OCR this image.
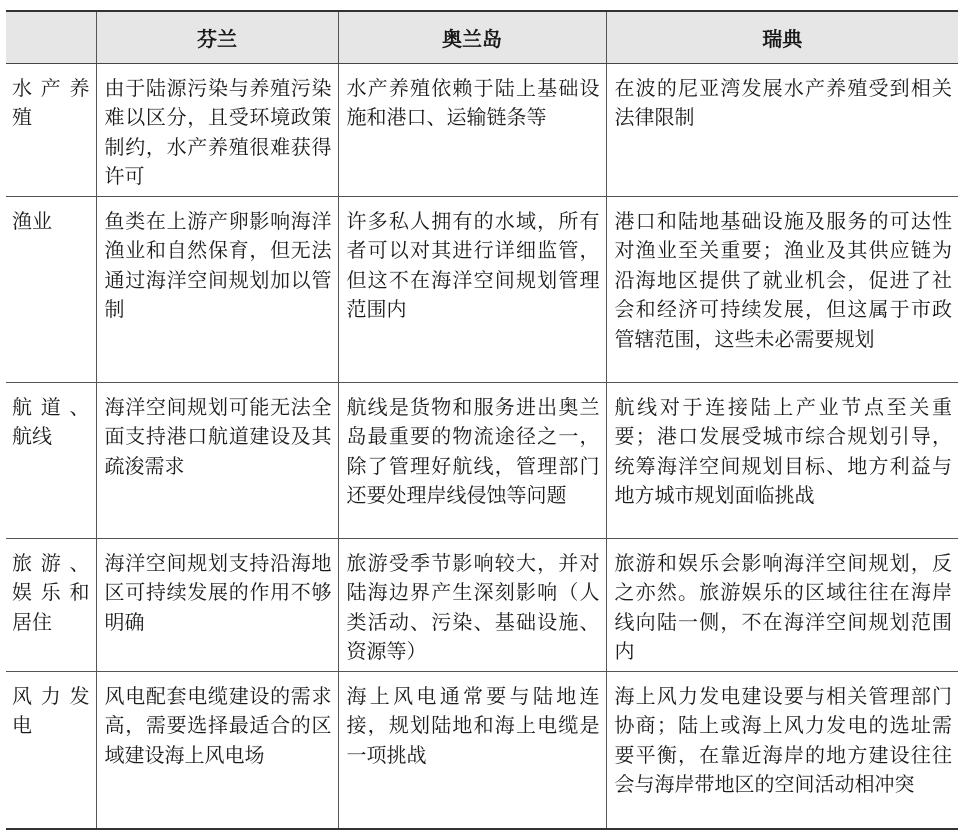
	芬兰	奥兰岛	瑞典
水产养殖	由于陆源污染与养殖污染难以区分，且受环境政策制约，水产养殖很难获得许可	水产养殖依赖于陆上基础设施和港口、运输链条等	在波的尼亚湾发展水产养殖受到相关法律限制
渔业	鱼类在上游产卵影响海洋渔业和自然保育，但无法通过海洋空间规划加以管制	许多私人拥有的水域，所有者可以对其进行详细监管，但这不在海洋空间规划管理范围内	港口和陆地基础设施及服务的可达性对渔业至关重要；渔业及其供应链为沿海地区提供了就业机会，促进了社会和经济可持续发展，但这属于市政管辖范围，这些未必需要规划
航道、航线	海洋空间规划可能无法全面支持港口航道建设及其疏浚需求	航线是货物和服务进出奥兰岛最重要的物流途径之一，除了管理好航线，管理部门还要处理岸线侵蚀等问题	航线对于连接陆上产业节点至关重要；港口发展受城市综合规划引导，统筹海洋空间规划目标、地方利益与地方城市规划面临挑战
旅游、娱乐和居住	海洋空间规划支持沿海地区可持续发展的作用不够明确	旅游受季节影响较大，并对陆海边界产生深刻影响（人类活动、污染、基础设施、资源等）	旅游和娱乐会影响海洋空间规划，反之亦然。旅游娱乐的区域往往在海岸线向陆一侧，不在海洋空间规划范围内
风力发电	风电配套电缆建设的需求高，需要选择最适合的区域建设海上风电场	海上风电通常要与陆地连接，规划陆地和海上电缆是一项挑战	海上风力发电建设要与相关管理部门协商；陆上或海上风力发电的选址需要平衡，在靠近海岸的地方建设往往会与海岸带地区的空间活动相冲突
